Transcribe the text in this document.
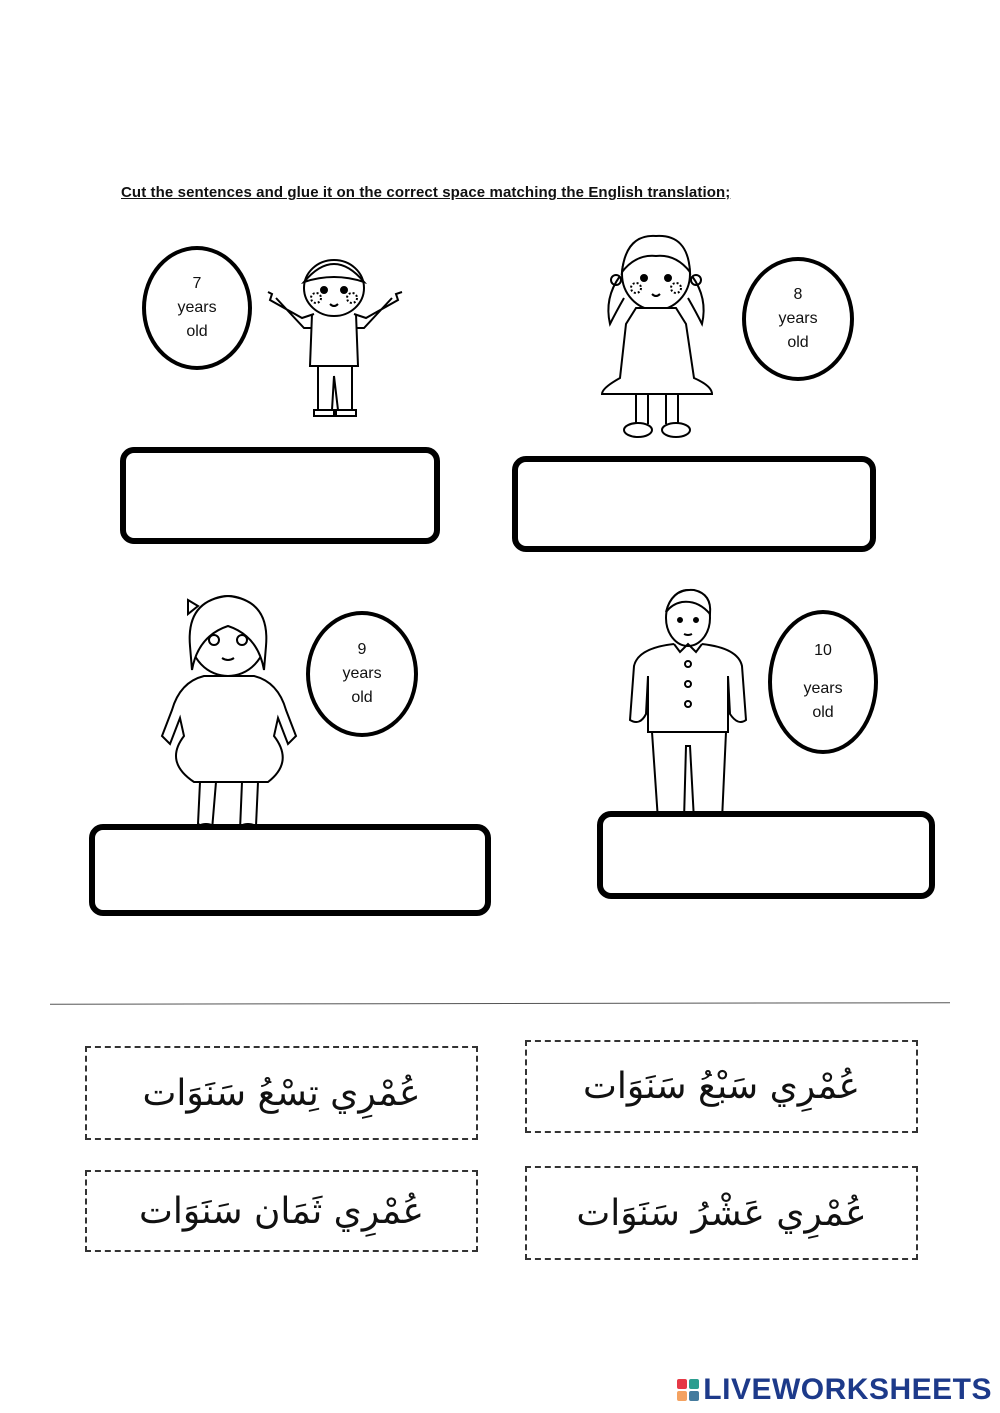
Cut the sentences and glue it on the correct space matching the English translation;
7
years
old
8
years
old
9
years
old
10
years
old
عُمْرِي سَبْعُ سَنَوَات
عُمْرِي تِسْعُ سَنَوَات
عُمْرِي عَشْرُ سَنَوَات
عُمْرِي ثَمَان سَنَوَات
LIVEWORKSHEETS
